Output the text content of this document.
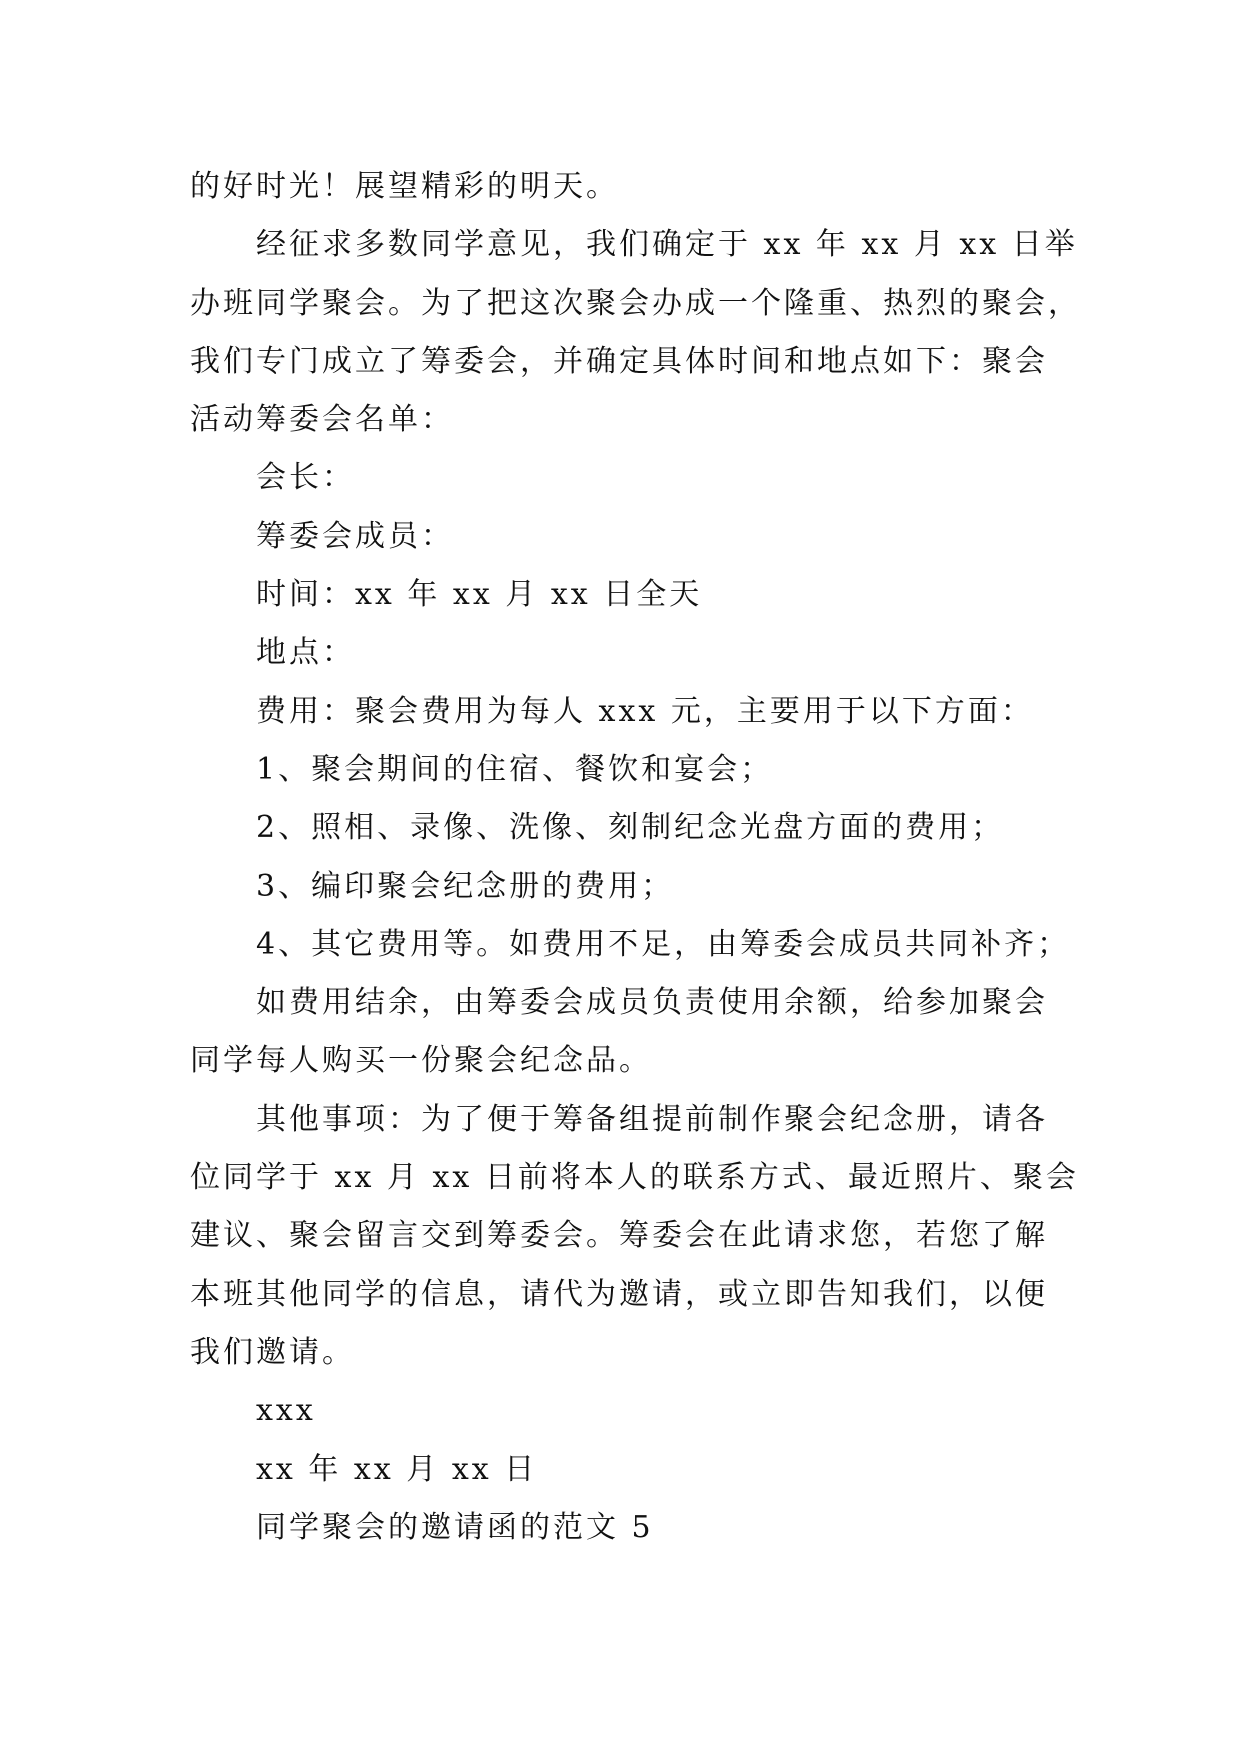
的好时光！展望精彩的明天。
经征求多数同学意见，我们确定于 xx 年 xx 月 xx 日举
办班同学聚会。为了把这次聚会办成一个隆重、热烈的聚会，
我们专门成立了筹委会，并确定具体时间和地点如下：聚会
活动筹委会名单：
会长：
筹委会成员：
时间：xx 年 xx 月 xx 日全天
地点：
费用：聚会费用为每人 xxx 元，主要用于以下方面：
1、聚会期间的住宿、餐饮和宴会；
2、照相、录像、洗像、刻制纪念光盘方面的费用；
3、编印聚会纪念册的费用；
4、其它费用等。如费用不足，由筹委会成员共同补齐；
如费用结余，由筹委会成员负责使用余额，给参加聚会
同学每人购买一份聚会纪念品。
其他事项：为了便于筹备组提前制作聚会纪念册，请各
位同学于 xx 月 xx 日前将本人的联系方式、最近照片、聚会
建议、聚会留言交到筹委会。筹委会在此请求您，若您了解
本班其他同学的信息，请代为邀请，或立即告知我们，以便
我们邀请。
xxx
xx 年 xx 月 xx 日
同学聚会的邀请函的范文 5
